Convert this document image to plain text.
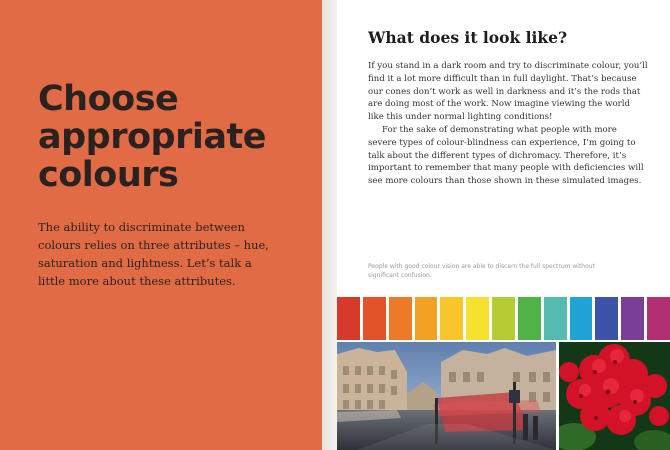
Choose appropriate colours

The ability to discriminate between colours relies on three attributes – hue, saturation and lightness. Let’s talk a little more about these attributes.

What does it look like?

If you stand in a dark room and try to discriminate colour, you’ll find it a lot more difficult than in full daylight. That’s because our cones don’t work as well in darkness and it’s the rods that are doing most of the work. Now imagine viewing the world like this under normal lighting conditions!

For the sake of demonstrating what people with more severe types of colour-blindness can experience, I’m going to talk about the different types of dichromacy. Therefore, it’s important to remember that many people with deficiencies will see more colours than those shown in these simulated images.

People with good colour vision are able to discern the full spectrum without significant confusion.
